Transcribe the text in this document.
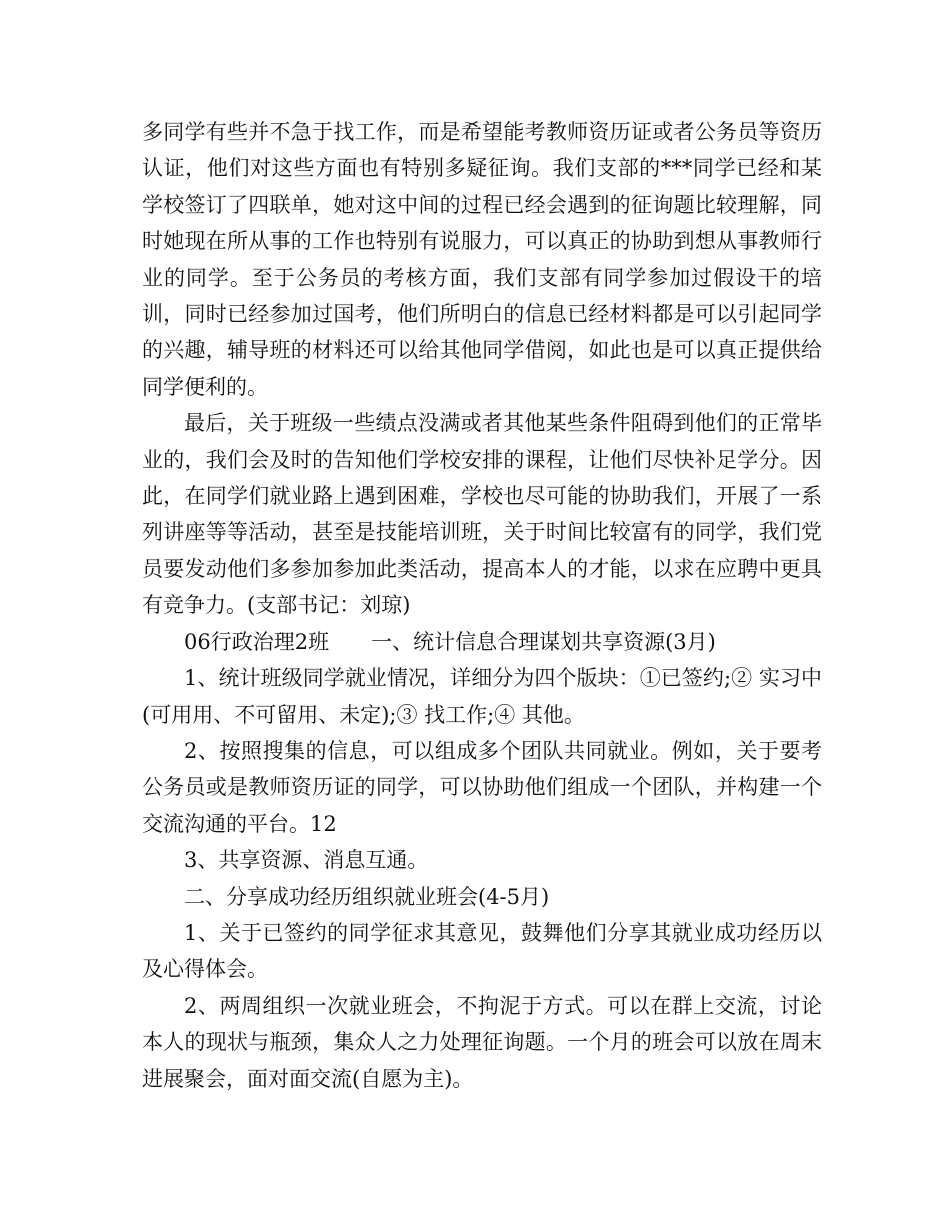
多同学有些并不急于找工作，而是希望能考教师资历证或者公务员等资历认证，他们对这些方面也有特别多疑征询。我们支部的***同学已经和某学校签订了四联单，她对这中间的过程已经会遇到的征询题比较理解，同时她现在所从事的工作也特别有说服力，可以真正的协助到想从事教师行业的同学。至于公务员的考核方面，我们支部有同学参加过假设干的培训，同时已经参加过国考，他们所明白的信息已经材料都是可以引起同学的兴趣，辅导班的材料还可以给其他同学借阅，如此也是可以真正提供给同学便利的。

最后，关于班级一些绩点没满或者其他某些条件阻碍到他们的正常毕业的，我们会及时的告知他们学校安排的课程，让他们尽快补足学分。因此，在同学们就业路上遇到困难，学校也尽可能的协助我们，开展了一系列讲座等等活动，甚至是技能培训班，关于时间比较富有的同学，我们党员要发动他们多参加参加此类活动，提高本人的才能，以求在应聘中更具有竞争力。(支部书记：刘琼)

06行政治理2班　　一、统计信息合理谋划共享资源(3月)

1、统计班级同学就业情况，详细分为四个版块：①已签约;② 实习中(可用用、不可留用、未定);③ 找工作;④ 其他。

2、按照搜集的信息，可以组成多个团队共同就业。例如，关于要考公务员或是教师资历证的同学，可以协助他们组成一个团队，并构建一个交流沟通的平台。12

3、共享资源、消息互通。

二、分享成功经历组织就业班会(4-5月)

1、关于已签约的同学征求其意见，鼓舞他们分享其就业成功经历以及心得体会。

2、两周组织一次就业班会，不拘泥于方式。可以在群上交流，讨论本人的现状与瓶颈，集众人之力处理征询题。一个月的班会可以放在周末进展聚会，面对面交流(自愿为主)。
